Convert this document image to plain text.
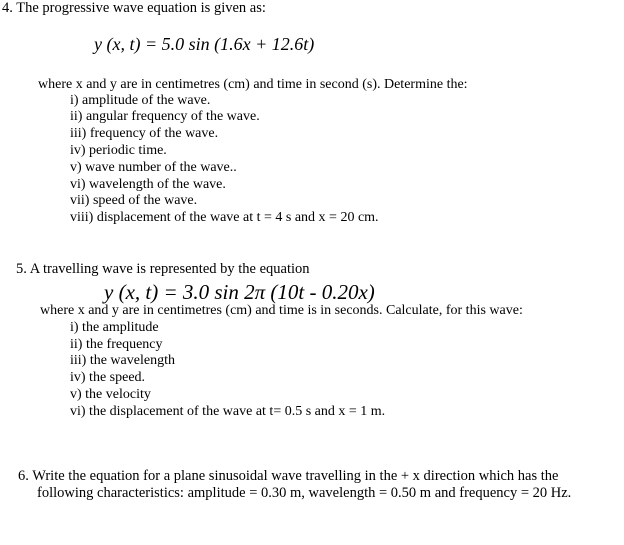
4. The progressive wave equation is given as:
y (x, t) = 5.0 sin (1.6x + 12.6t)
where x and y are in centimetres (cm) and time in second (s). Determine the:
i) amplitude of the wave.
ii) angular frequency of the wave.
iii) frequency of the wave.
iv) periodic time.
v) wave number of the wave..
vi) wavelength of the wave.
vii) speed of the wave.
viii) displacement of the wave at t = 4 s and x = 20 cm.
5. A travelling wave is represented by the equation
y (x, t) = 3.0 sin 2π (10t - 0.20x)
where x and y are in centimetres (cm) and time is in seconds. Calculate, for this wave:
i) the amplitude
ii) the frequency
iii) the wavelength
iv) the speed.
v) the velocity
vi) the displacement of the wave at t= 0.5 s and x = 1 m.
6. Write the equation for a plane sinusoidal wave travelling in the + x direction which has the
following characteristics: amplitude = 0.30 m, wavelength = 0.50 m and frequency = 20 Hz.
